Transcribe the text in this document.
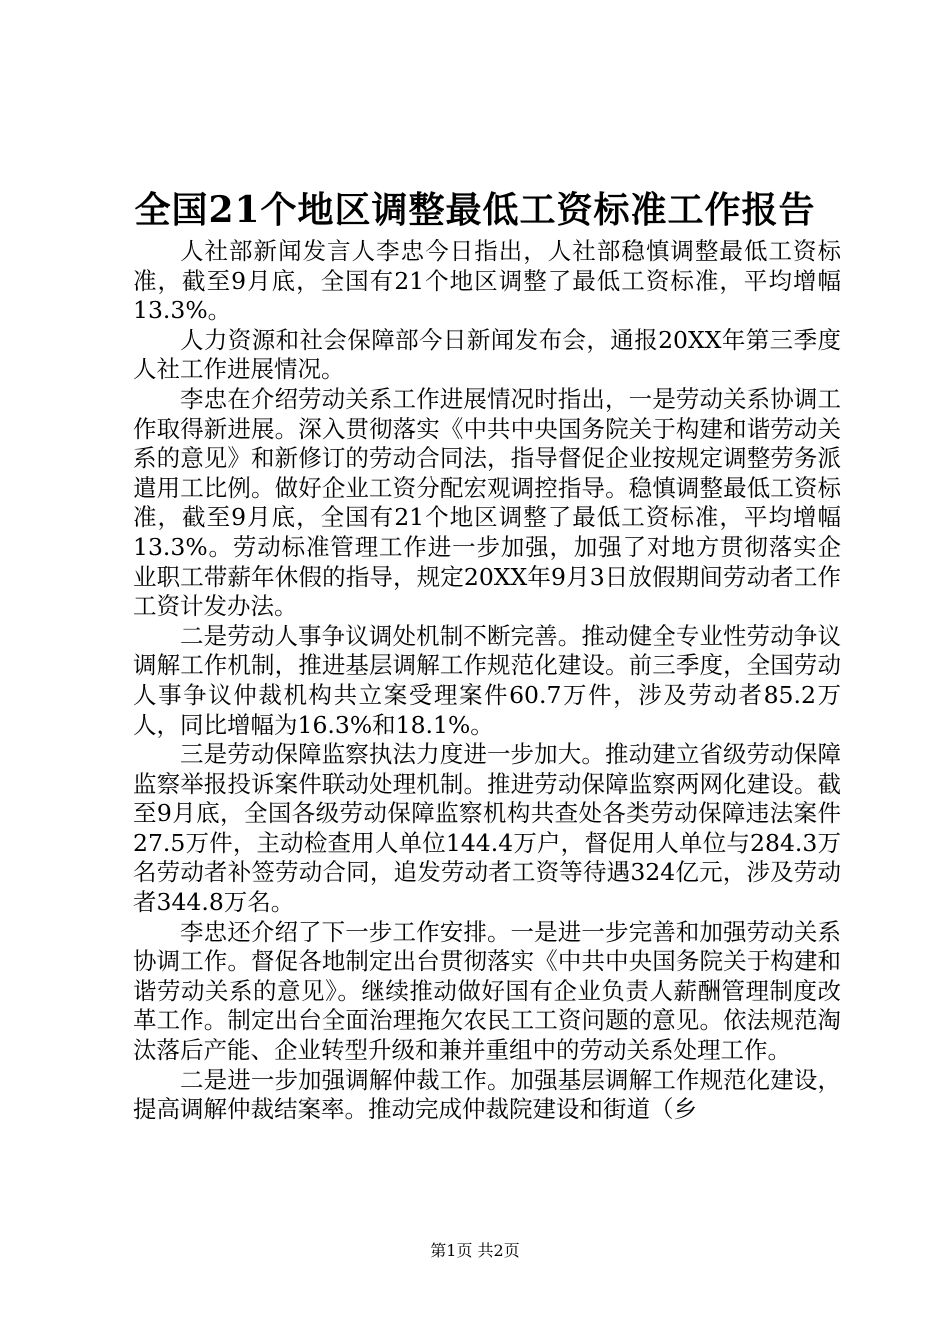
全国21个地区调整最低工资标准工作报告

人社部新闻发言人李忠今日指出，人社部稳慎调整最低工资标准，截至9月底，全国有21个地区调整了最低工资标准，平均增幅13.3%。

人力资源和社会保障部今日新闻发布会，通报20XX年第三季度人社工作进展情况。

李忠在介绍劳动关系工作进展情况时指出，一是劳动关系协调工作取得新进展。深入贯彻落实《中共中央国务院关于构建和谐劳动关系的意见》和新修订的劳动合同法，指导督促企业按规定调整劳务派遣用工比例。做好企业工资分配宏观调控指导。稳慎调整最低工资标准，截至9月底，全国有21个地区调整了最低工资标准，平均增幅13.3%。劳动标准管理工作进一步加强，加强了对地方贯彻落实企业职工带薪年休假的指导，规定20XX年9月3日放假期间劳动者工作工资计发办法。

二是劳动人事争议调处机制不断完善。推动健全专业性劳动争议调解工作机制，推进基层调解工作规范化建设。前三季度，全国劳动人事争议仲裁机构共立案受理案件60.7万件，涉及劳动者85.2万人，同比增幅为16.3%和18.1%。

三是劳动保障监察执法力度进一步加大。推动建立省级劳动保障监察举报投诉案件联动处理机制。推进劳动保障监察两网化建设。截至9月底，全国各级劳动保障监察机构共查处各类劳动保障违法案件27.5万件，主动检查用人单位144.4万户，督促用人单位与284.3万名劳动者补签劳动合同，追发劳动者工资等待遇324亿元，涉及劳动者344.8万名。

李忠还介绍了下一步工作安排。一是进一步完善和加强劳动关系协调工作。督促各地制定出台贯彻落实《中共中央国务院关于构建和谐劳动关系的意见》。继续推动做好国有企业负责人薪酬管理制度改革工作。制定出台全面治理拖欠农民工工资问题的意见。依法规范淘汰落后产能、企业转型升级和兼并重组中的劳动关系处理工作。

二是进一步加强调解仲裁工作。加强基层调解工作规范化建设，提高调解仲裁结案率。推动完成仲裁院建设和街道（乡

第1页 共2页
